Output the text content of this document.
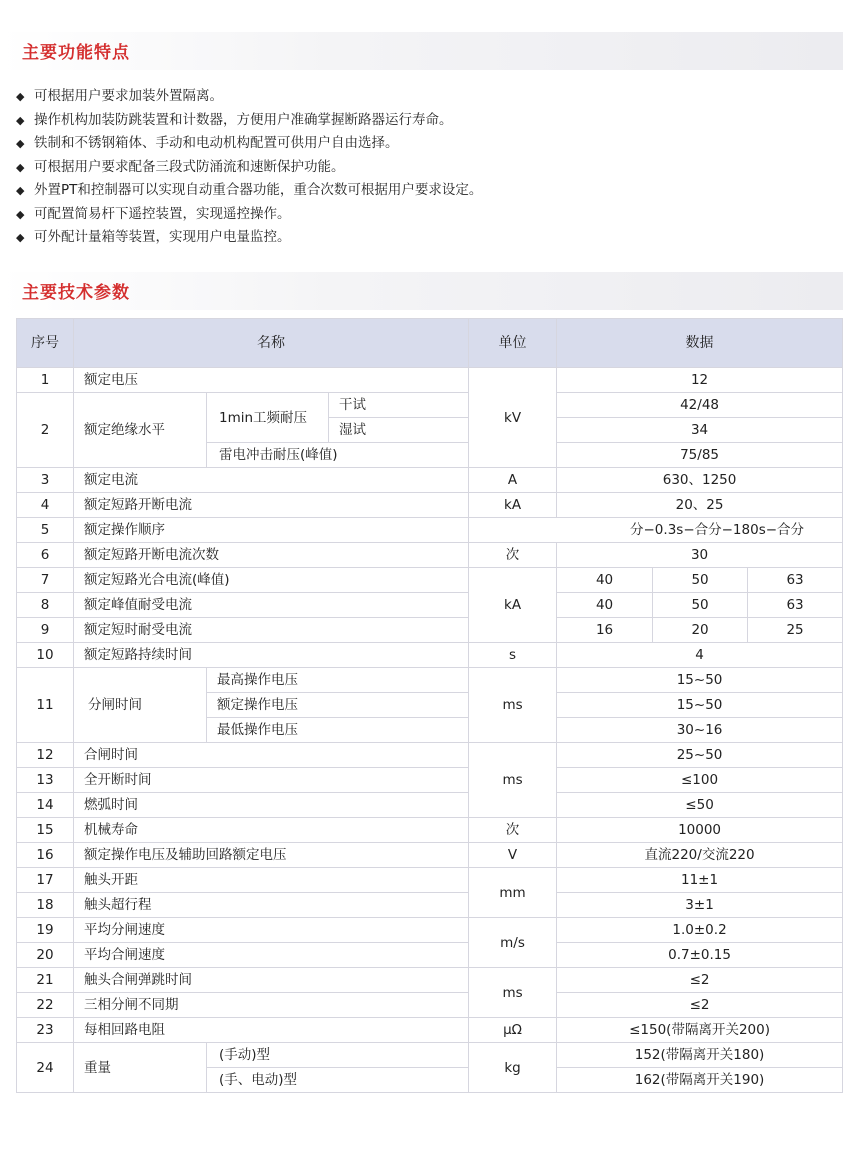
主要功能特点
◆ 可根据用户要求加装外置隔离。
◆ 操作机构加装防跳装置和计数器，方便用户准确掌握断路器运行寿命。
◆ 铁制和不锈钢箱体、手动和电动机构配置可供用户自由选择。
◆ 可根据用户要求配备三段式防涌流和速断保护功能。
◆ 外置PT和控制器可以实现自动重合器功能，重合次数可根据用户要求设定。
◆ 可配置简易杆下遥控装置，实现遥控操作。
◆ 可外配计量箱等装置，实现用户电量监控。
主要技术参数
序号	名称			单位	数据		
1	额定电压			kV	12		
2	额定绝缘水平	1min工频耐压	干试		42/48		
			湿试		34		
		雷电冲击耐压(峰值)			75/85		
3	额定电流			A	630、1250		
4	额定短路开断电流			kA	20、25		
5	额定操作顺序			分−0.3s−合分−180s−合分			
6	额定短路开断电流次数			次	30		
7	额定短路光合电流(峰值)			kA	40	50	63
8	额定峰值耐受电流				40	50	63
9	额定短时耐受电流				16	20	25
10	额定短路持续时间			s	4		
11	分闸时间	最高操作电压		ms	15~50		
		额定操作电压			15~50		
		最低操作电压			30~16		
12	合闸时间			ms	25~50		
13	全开断时间				≤100		
14	燃弧时间				≤50		
15	机械寿命			次	10000		
16	额定操作电压及辅助回路额定电压			V	直流220/交流220		
17	触头开距			mm	11±1		
18	触头超行程				3±1		
19	平均分闸速度			m/s	1.0±0.2		
20	平均合闸速度				0.7±0.15		
21	触头合闸弹跳时间			ms	≤2		
22	三相分闸不同期				≤2		
23	每相回路电阻			μΩ	≤150(带隔离开关200)		
24	重量	(手动)型		kg	152(带隔离开关180)		
		(手、电动)型			162(带隔离开关190)		
